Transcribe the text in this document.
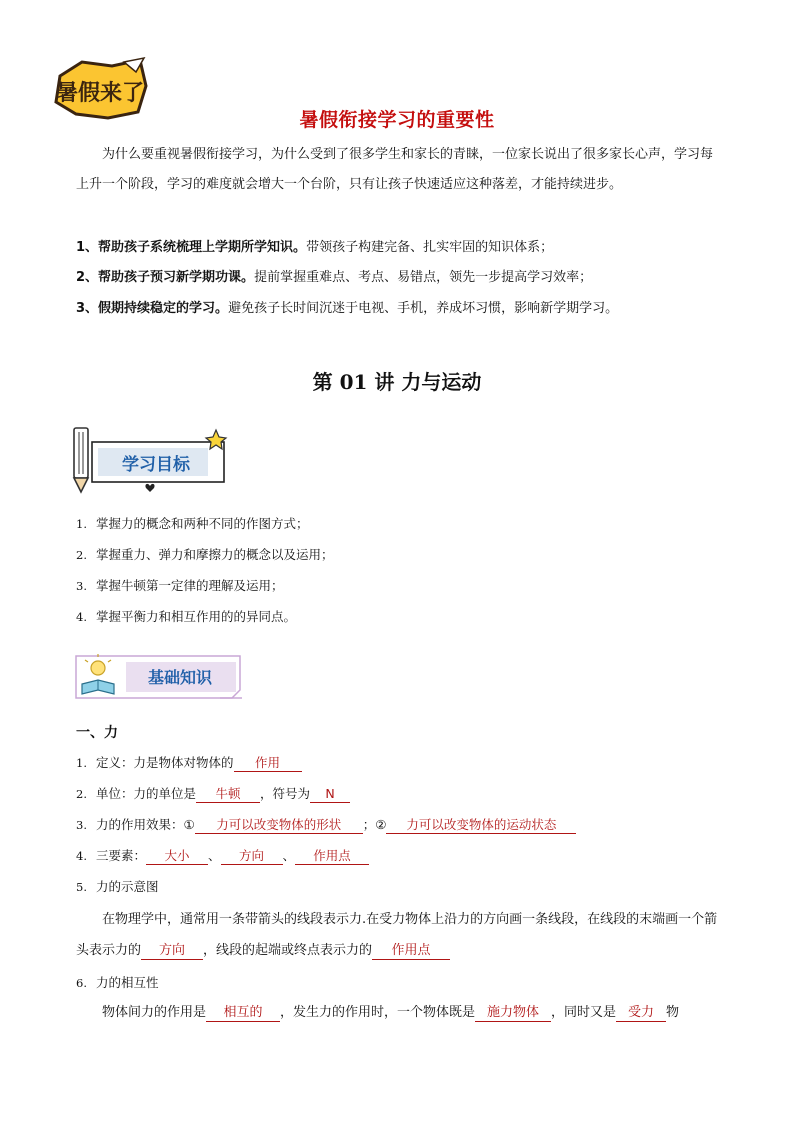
暑假来了
暑假衔接学习的重要性
为什么要重视暑假衔接学习，为什么受到了很多学生和家长的青睐，一位家长说出了很多家长心声，学习每上升一个阶段，学习的难度就会增大一个台阶，只有让孩子快速适应这种落差，才能持续进步。
1、帮助孩子系统梳理上学期所学知识。带领孩子构建完备、扎实牢固的知识体系；
2、帮助孩子预习新学期功课。提前掌握重难点、考点、易错点，领先一步提高学习效率；
3、假期持续稳定的学习。避免孩子长时间沉迷于电视、手机，养成坏习惯，影响新学期学习。
第 01 讲 力与运动
学习目标
1. 掌握力的概念和两种不同的作图方式；
2. 掌握重力、弹力和摩擦力的概念以及运用；
3. 掌握牛顿第一定律的理解及运用；
4. 掌握平衡力和相互作用的的异同点。
基础知识
一、力
1. 定义：力是物体对物体的 作用
2. 单位：力的单位是 牛顿 ，符号为 N
3. 力的作用效果：① 力可以改变物体的形状 ；② 力可以改变物体的运动状态
4. 三要素： 大小 、 方向 、 作用点
5. 力的示意图
在物理学中，通常用一条带箭头的线段表示力.在受力物体上沿力的方向画一条线段，在线段的末端画一个箭头表示力的 方向 ，线段的起端或终点表示力的 作用点
6. 力的相互性
物体间力的作用是 相互的 ，发生力的作用时，一个物体既是 施力物体 ，同时又是 受力 物
